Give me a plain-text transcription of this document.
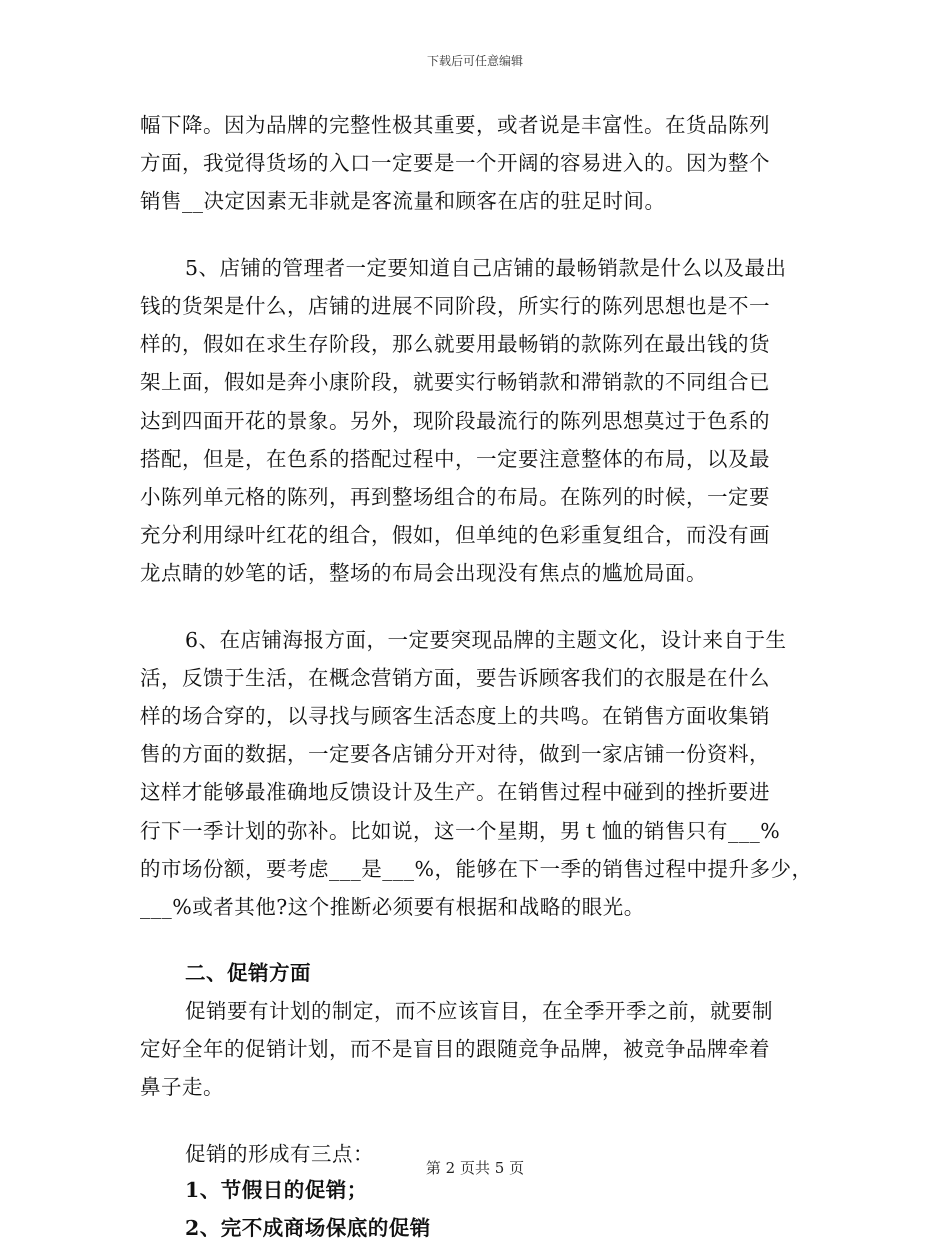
下载后可任意编辑
幅下降。因为品牌的完整性极其重要，或者说是丰富性。在货品陈列
方面，我觉得货场的入口一定要是一个开阔的容易进入的。因为整个
销售__决定因素无非就是客流量和顾客在店的驻足时间。
5、店铺的管理者一定要知道自己店铺的最畅销款是什么以及最出
钱的货架是什么，店铺的进展不同阶段，所实行的陈列思想也是不一
样的，假如在求生存阶段，那么就要用最畅销的款陈列在最出钱的货
架上面，假如是奔小康阶段，就要实行畅销款和滞销款的不同组合已
达到四面开花的景象。另外，现阶段最流行的陈列思想莫过于色系的
搭配，但是，在色系的搭配过程中，一定要注意整体的布局，以及最
小陈列单元格的陈列，再到整场组合的布局。在陈列的时候，一定要
充分利用绿叶红花的组合，假如，但单纯的色彩重复组合，而没有画
龙点睛的妙笔的话，整场的布局会出现没有焦点的尴尬局面。
6、在店铺海报方面，一定要突现品牌的主题文化，设计来自于生
活，反馈于生活，在概念营销方面，要告诉顾客我们的衣服是在什么
样的场合穿的，以寻找与顾客生活态度上的共鸣。在销售方面收集销
售的方面的数据，一定要各店铺分开对待，做到一家店铺一份资料，
这样才能够最准确地反馈设计及生产。在销售过程中碰到的挫折要进
行下一季计划的弥补。比如说，这一个星期，男ｔ恤的销售只有___%
的市场份额，要考虑___是___%，能够在下一季的销售过程中提升多少，
___%或者其他?这个推断必须要有根据和战略的眼光。
二、促销方面
促销要有计划的制定，而不应该盲目，在全季开季之前，就要制
定好全年的促销计划，而不是盲目的跟随竞争品牌，被竞争品牌牵着
鼻子走。
促销的形成有三点：
1、节假日的促销；
2、完不成商场保底的促销
第 2 页共 5 页
